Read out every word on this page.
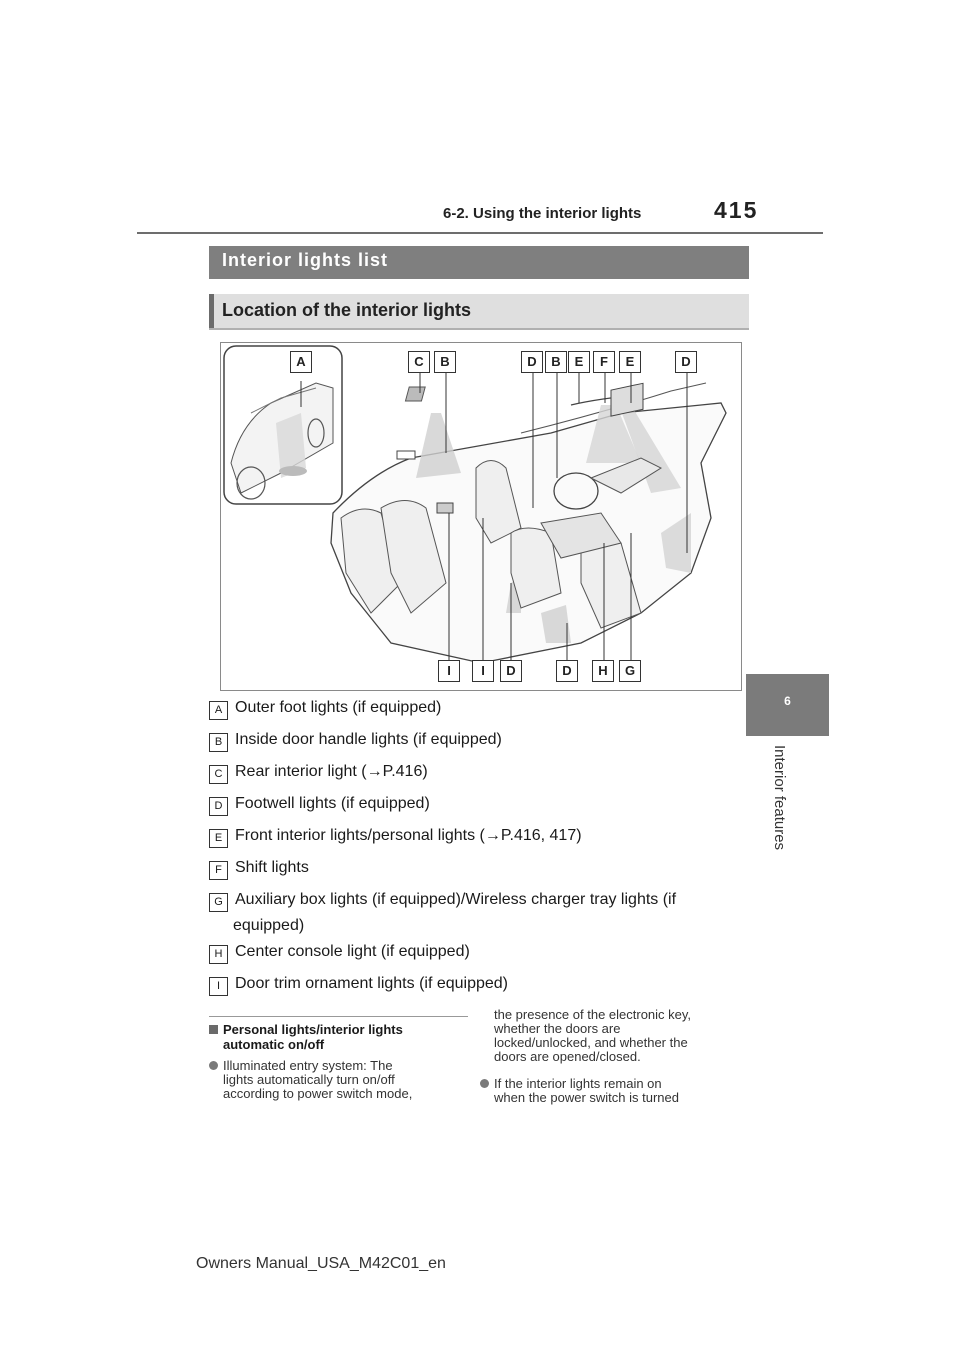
6-2. Using the interior lights	415
6
Interior features
Interior lights list
Location of the interior lights
A	C	B	D	B	E	F	E	D
I	I	D	D	H	G
A Outer foot lights (if equipped)
B Inside door handle lights (if equipped)
C Rear interior light (→P.416)
D Footwell lights (if equipped)
E Front interior lights/personal lights (→P.416, 417)
F Shift lights
G Auxiliary box lights (if equipped)/Wireless charger tray lights (if
equipped)
H Center console light (if equipped)
I Door trim ornament lights (if equipped)
Personal lights/interior lights
automatic on/off
Illuminated entry system: The
lights automatically turn on/off
according to power switch mode,
the presence of the electronic key,
whether the doors are
locked/unlocked, and whether the
doors are opened/closed.
If the interior lights remain on
when the power switch is turned
Owners Manual_USA_M42C01_en
